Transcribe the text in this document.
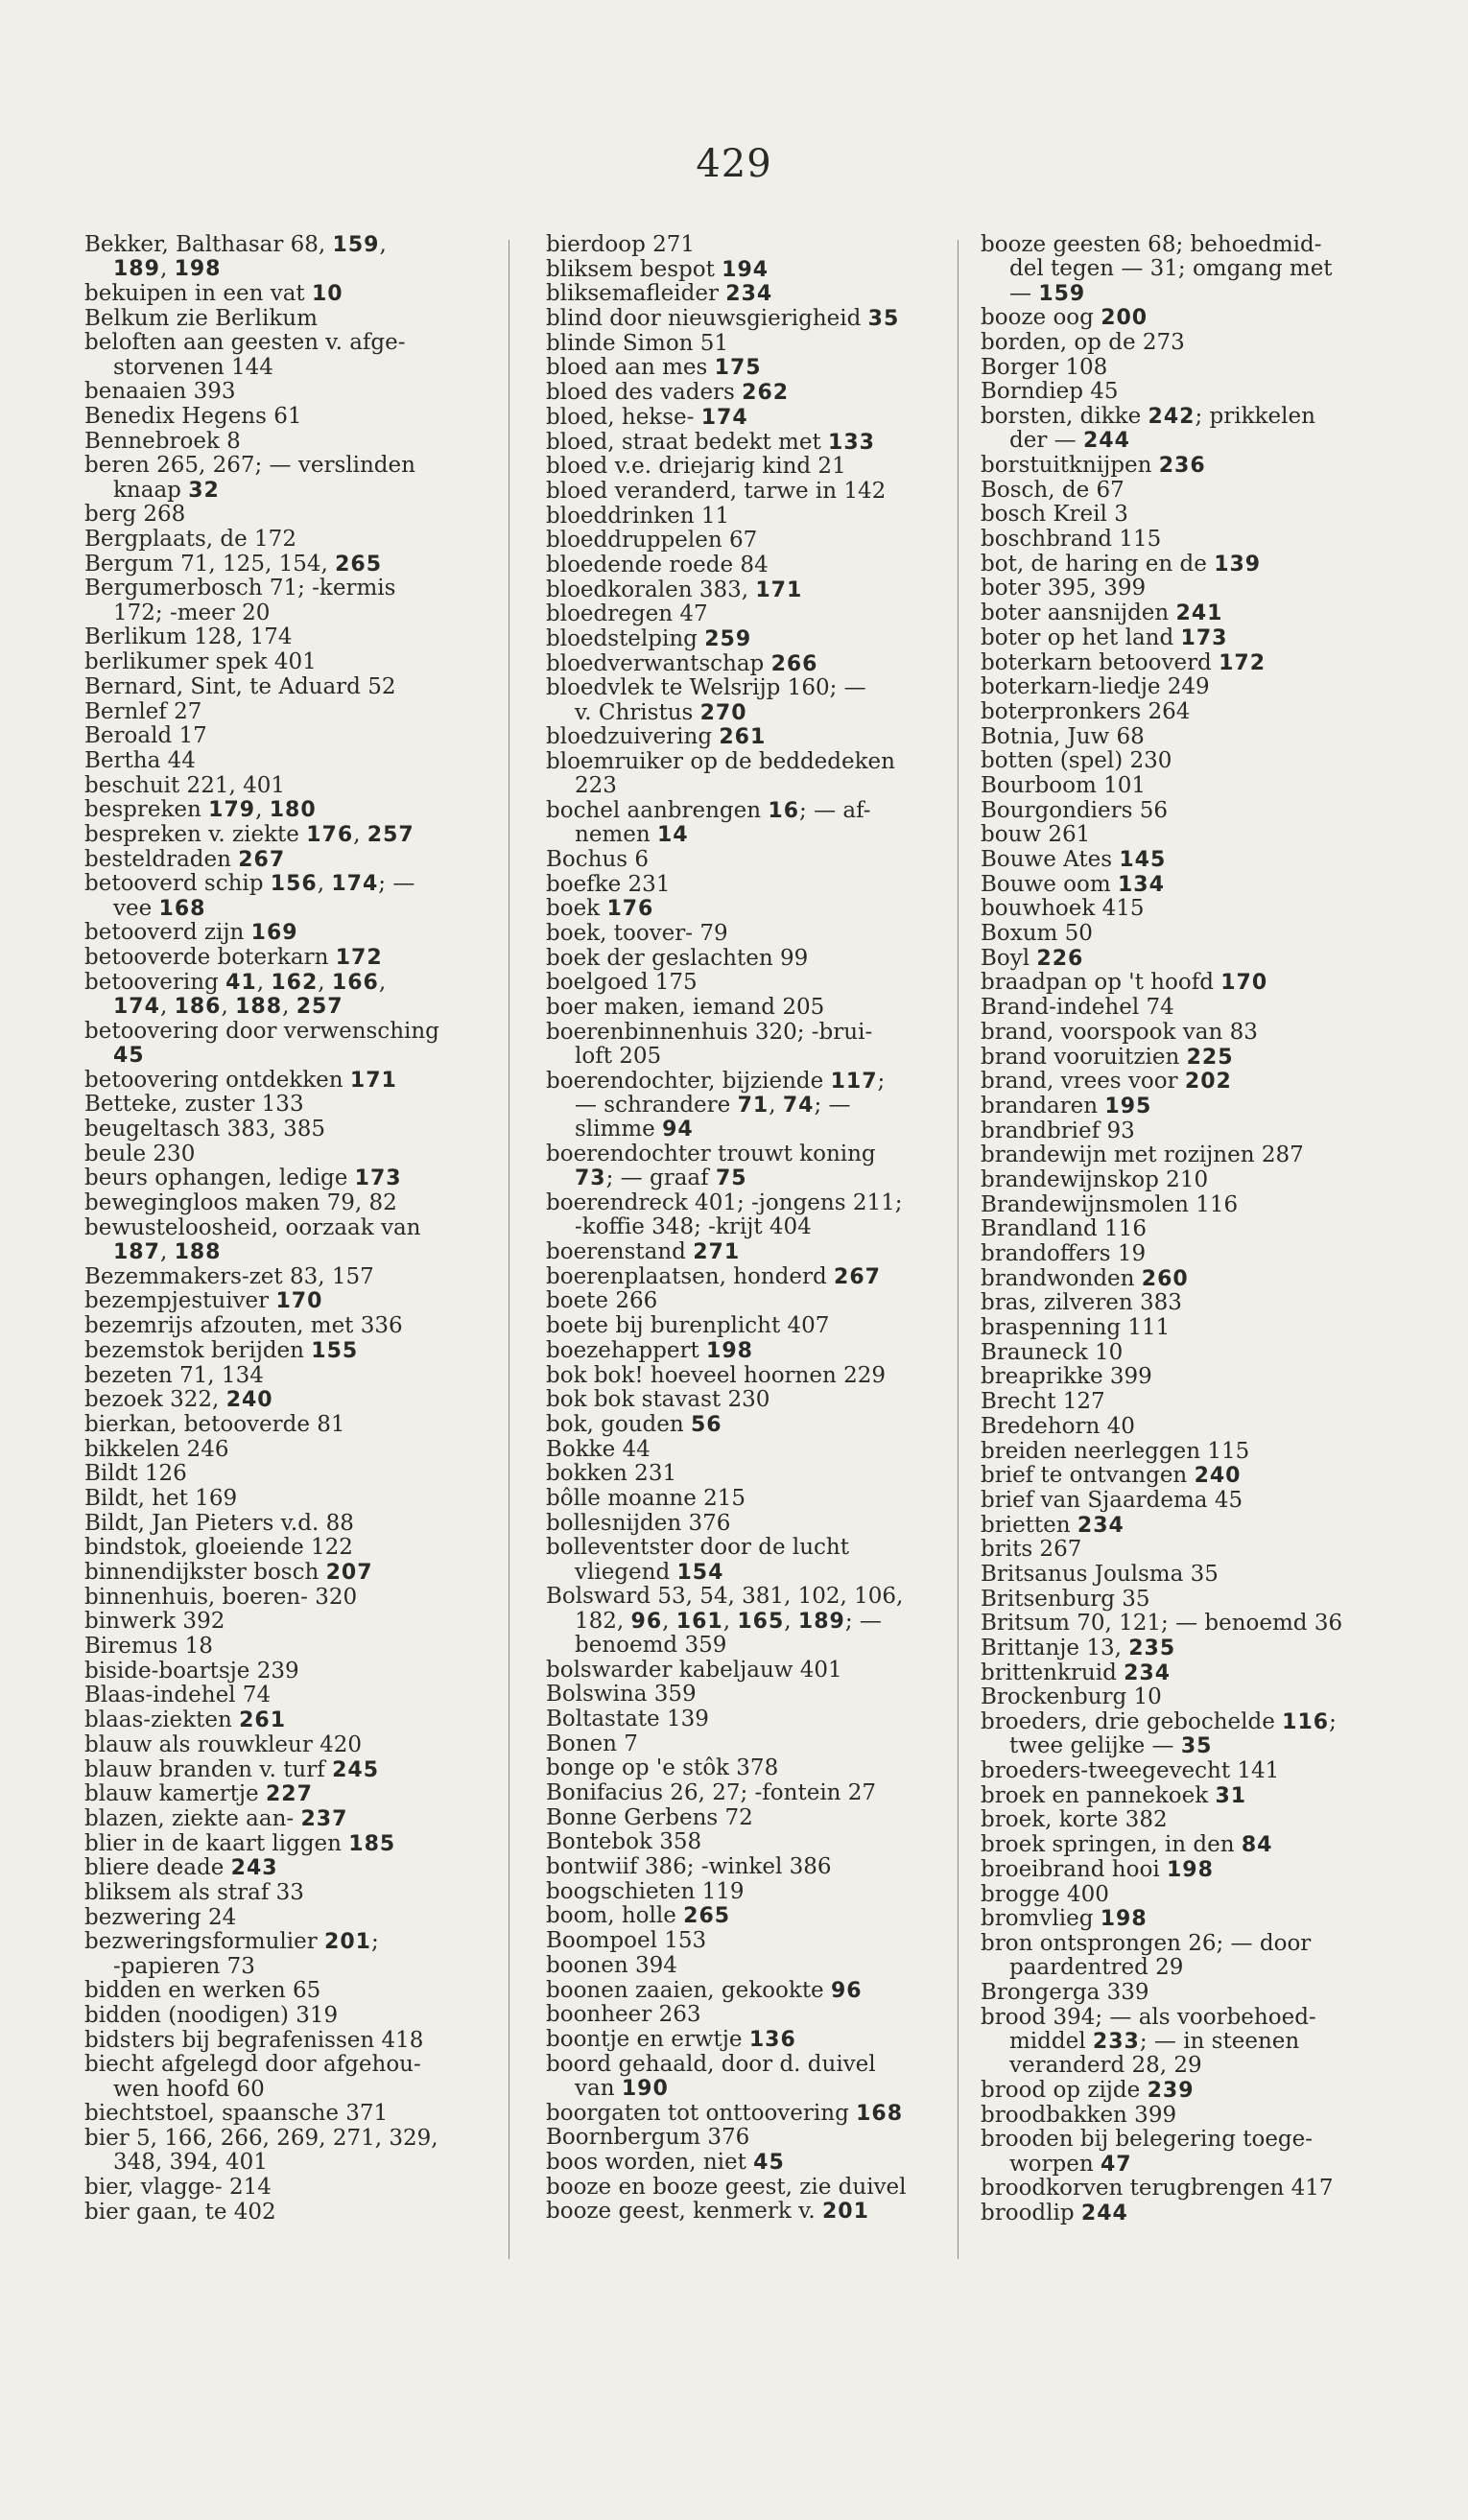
429
Bekker, Balthasar 68, 159,
189, 198
bekuipen in een vat 10
Belkum zie Berlikum
beloften aan geesten v. afge-
storvenen 144
benaaien 393
Benedix Hegens 61
Bennebroek 8
beren 265, 267; — verslinden
knaap 32
berg 268
Bergplaats, de 172
Bergum 71, 125, 154, 265
Bergumerbosch 71; -kermis
172; -meer 20
Berlikum 128, 174
berlikumer spek 401
Bernard, Sint, te Aduard 52
Bernlef 27
Beroald 17
Bertha 44
beschuit 221, 401
bespreken 179, 180
bespreken v. ziekte 176, 257
besteldraden 267
betooverd schip 156, 174; —
vee 168
betooverd zijn 169
betooverde boterkarn 172
betoovering 41, 162, 166,
174, 186, 188, 257
betoovering door verwensching
45
betoovering ontdekken 171
Betteke, zuster 133
beugeltasch 383, 385
beule 230
beurs ophangen, ledige 173
bewegingloos maken 79, 82
bewusteloosheid, oorzaak van
187, 188
Bezemmakers-zet 83, 157
bezempjestuiver 170
bezemrijs afzouten, met 336
bezemstok berijden 155
bezeten 71, 134
bezoek 322, 240
bierkan, betooverde 81
bikkelen 246
Bildt 126
Bildt, het 169
Bildt, Jan Pieters v.d. 88
bindstok, gloeiende 122
binnendijkster bosch 207
binnenhuis, boeren- 320
binwerk 392
Biremus 18
biside-boartsje 239
Blaas-indehel 74
blaas-ziekten 261
blauw als rouwkleur 420
blauw branden v. turf 245
blauw kamertje 227
blazen, ziekte aan- 237
blier in de kaart liggen 185
bliere deade 243
bliksem als straf 33
bezwering 24
bezweringsformulier 201;
-papieren 73
bidden en werken 65
bidden (noodigen) 319
bidsters bij begrafenissen 418
biecht afgelegd door afgehou-
wen hoofd 60
biechtstoel, spaansche 371
bier 5, 166, 266, 269, 271, 329,
348, 394, 401
bier, vlagge- 214
bier gaan, te 402
bierdoop 271
bliksem bespot 194
bliksemafleider 234
blind door nieuwsgierigheid 35
blinde Simon 51
bloed aan mes 175
bloed des vaders 262
bloed, hekse- 174
bloed, straat bedekt met 133
bloed v.e. driejarig kind 21
bloed veranderd, tarwe in 142
bloeddrinken 11
bloeddruppelen 67
bloedende roede 84
bloedkoralen 383, 171
bloedregen 47
bloedstelping 259
bloedverwantschap 266
bloedvlek te Welsrijp 160; —
v. Christus 270
bloedzuivering 261
bloemruiker op de beddedeken
223
bochel aanbrengen 16; — af-
nemen 14
Bochus 6
boefke 231
boek 176
boek, toover- 79
boek der geslachten 99
boelgoed 175
boer maken, iemand 205
boerenbinnenhuis 320; -brui-
loft 205
boerendochter, bijziende 117;
— schrandere 71, 74; —
slimme 94
boerendochter trouwt koning
73; — graaf 75
boerendreck 401; -jongens 211;
-koffie 348; -krijt 404
boerenstand 271
boerenplaatsen, honderd 267
boete 266
boete bij burenplicht 407
boezehappert 198
bok bok! hoeveel hoornen 229
bok bok stavast 230
bok, gouden 56
Bokke 44
bokken 231
bôlle moanne 215
bollesnijden 376
bolleventster door de lucht
vliegend 154
Bolsward 53, 54, 381, 102, 106,
182, 96, 161, 165, 189; —
benoemd 359
bolswarder kabeljauw 401
Bolswina 359
Boltastate 139
Bonen 7
bonge op 'e stôk 378
Bonifacius 26, 27; -fontein 27
Bonne Gerbens 72
Bontebok 358
bontwiif 386; -winkel 386
boogschieten 119
boom, holle 265
Boompoel 153
boonen 394
boonen zaaien, gekookte 96
boonheer 263
boontje en erwtje 136
boord gehaald, door d. duivel
van 190
boorgaten tot onttoovering 168
Boornbergum 376
boos worden, niet 45
booze en booze geest, zie duivel
booze geest, kenmerk v. 201
booze geesten 68; behoedmid-
del tegen — 31; omgang met
— 159
booze oog 200
borden, op de 273
Borger 108
Borndiep 45
borsten, dikke 242; prikkelen
der — 244
borstuitknijpen 236
Bosch, de 67
bosch Kreil 3
boschbrand 115
bot, de haring en de 139
boter 395, 399
boter aansnijden 241
boter op het land 173
boterkarn betooverd 172
boterkarn-liedje 249
boterpronkers 264
Botnia, Juw 68
botten (spel) 230
Bourboom 101
Bourgondiers 56
bouw 261
Bouwe Ates 145
Bouwe oom 134
bouwhoek 415
Boxum 50
Boyl 226
braadpan op 't hoofd 170
Brand-indehel 74
brand, voorspook van 83
brand vooruitzien 225
brand, vrees voor 202
brandaren 195
brandbrief 93
brandewijn met rozijnen 287
brandewijnskop 210
Brandewijnsmolen 116
Brandland 116
brandoffers 19
brandwonden 260
bras, zilveren 383
braspenning 111
Brauneck 10
breaprikke 399
Brecht 127
Bredehorn 40
breiden neerleggen 115
brief te ontvangen 240
brief van Sjaardema 45
brietten 234
brits 267
Britsanus Joulsma 35
Britsenburg 35
Britsum 70, 121; — benoemd 36
Brittanje 13, 235
brittenkruid 234
Brockenburg 10
broeders, drie gebochelde 116;
twee gelijke — 35
broeders-tweegevecht 141
broek en pannekoek 31
broek, korte 382
broek springen, in den 84
broeibrand hooi 198
brogge 400
bromvlieg 198
bron ontsprongen 26; — door
paardentred 29
Brongerga 339
brood 394; — als voorbehoed-
middel 233; — in steenen
veranderd 28, 29
brood op zijde 239
broodbakken 399
brooden bij belegering toege-
worpen 47
broodkorven terugbrengen 417
broodlip 244
